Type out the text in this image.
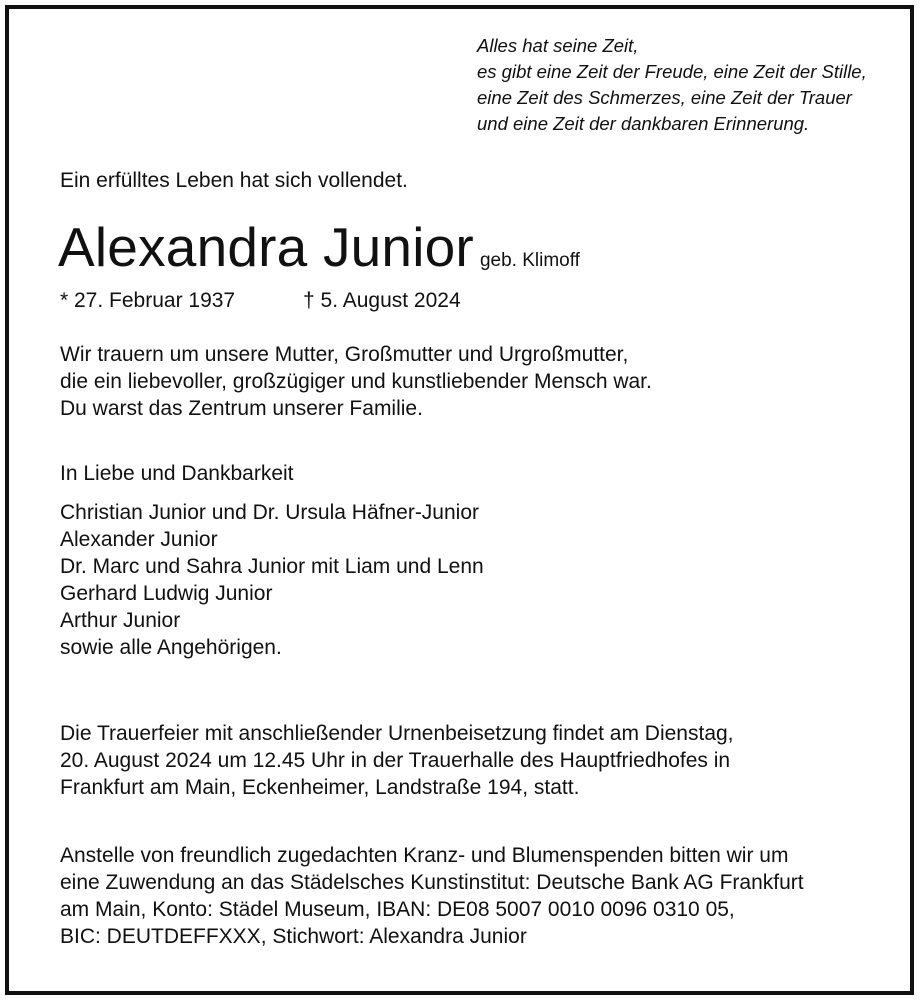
Alles hat seine Zeit,
es gibt eine Zeit der Freude, eine Zeit der Stille,
eine Zeit des Schmerzes, eine Zeit der Trauer
und eine Zeit der dankbaren Erinnerung.
Ein erfülltes Leben hat sich vollendet.
Alexandra Junior geb. Klimoff
* 27. Februar 1937	† 5. August 2024
Wir trauern um unsere Mutter, Großmutter und Urgroßmutter,
die ein liebevoller, großzügiger und kunstliebender Mensch war.
Du warst das Zentrum unserer Familie.
In Liebe und Dankbarkeit
Christian Junior und Dr. Ursula Häfner-Junior
Alexander Junior
Dr. Marc und Sahra Junior mit Liam und Lenn
Gerhard Ludwig Junior
Arthur Junior
sowie alle Angehörigen.
Die Trauerfeier mit anschließender Urnenbeisetzung findet am Dienstag,
20. August 2024 um 12.45 Uhr in der Trauerhalle des Hauptfriedhofes in
Frankfurt am Main, Eckenheimer, Landstraße 194, statt.
Anstelle von freundlich zugedachten Kranz- und Blumenspenden bitten wir um
eine Zuwendung an das Städelsches Kunstinstitut: Deutsche Bank AG Frankfurt
am Main, Konto: Städel Museum, IBAN: DE08 5007 0010 0096 0310 05,
BIC: DEUTDEFFXXX, Stichwort: Alexandra Junior
